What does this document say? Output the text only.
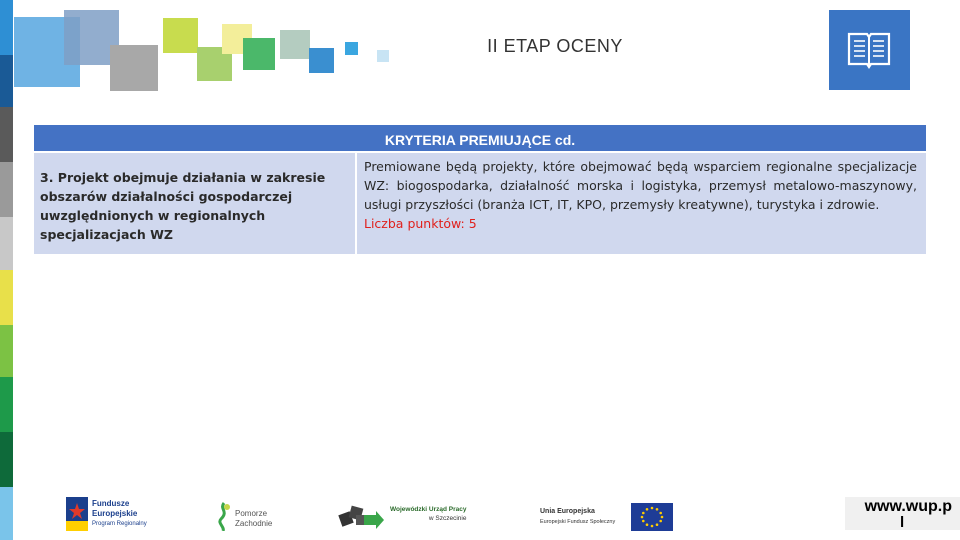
II ETAP OCENY
KRYTERIA PREMIUJĄCE cd.
3. Projekt obejmuje działania w zakresie obszarów działalności gospodarczej uwzględnionych w regionalnych specjalizacjach WZ
Premiowane będą projekty, które obejmować będą wsparciem regionalne specjalizacje WZ: biogospodarka, działalność morska i logistyka, przemysł metalowo-maszynowy, usługi przyszłości (branża ICT, IT, KPO, przemysły kreatywne), turystyka i zdrowie.
Liczba punktów: 5
Fundusze
Europejskie
Program Regionalny
Pomorze
Zachodnie
Wojewódzki Urząd Pracy
w Szczecinie
Unia Europejska
Europejski Fundusz Społeczny
www.wup.p
l
